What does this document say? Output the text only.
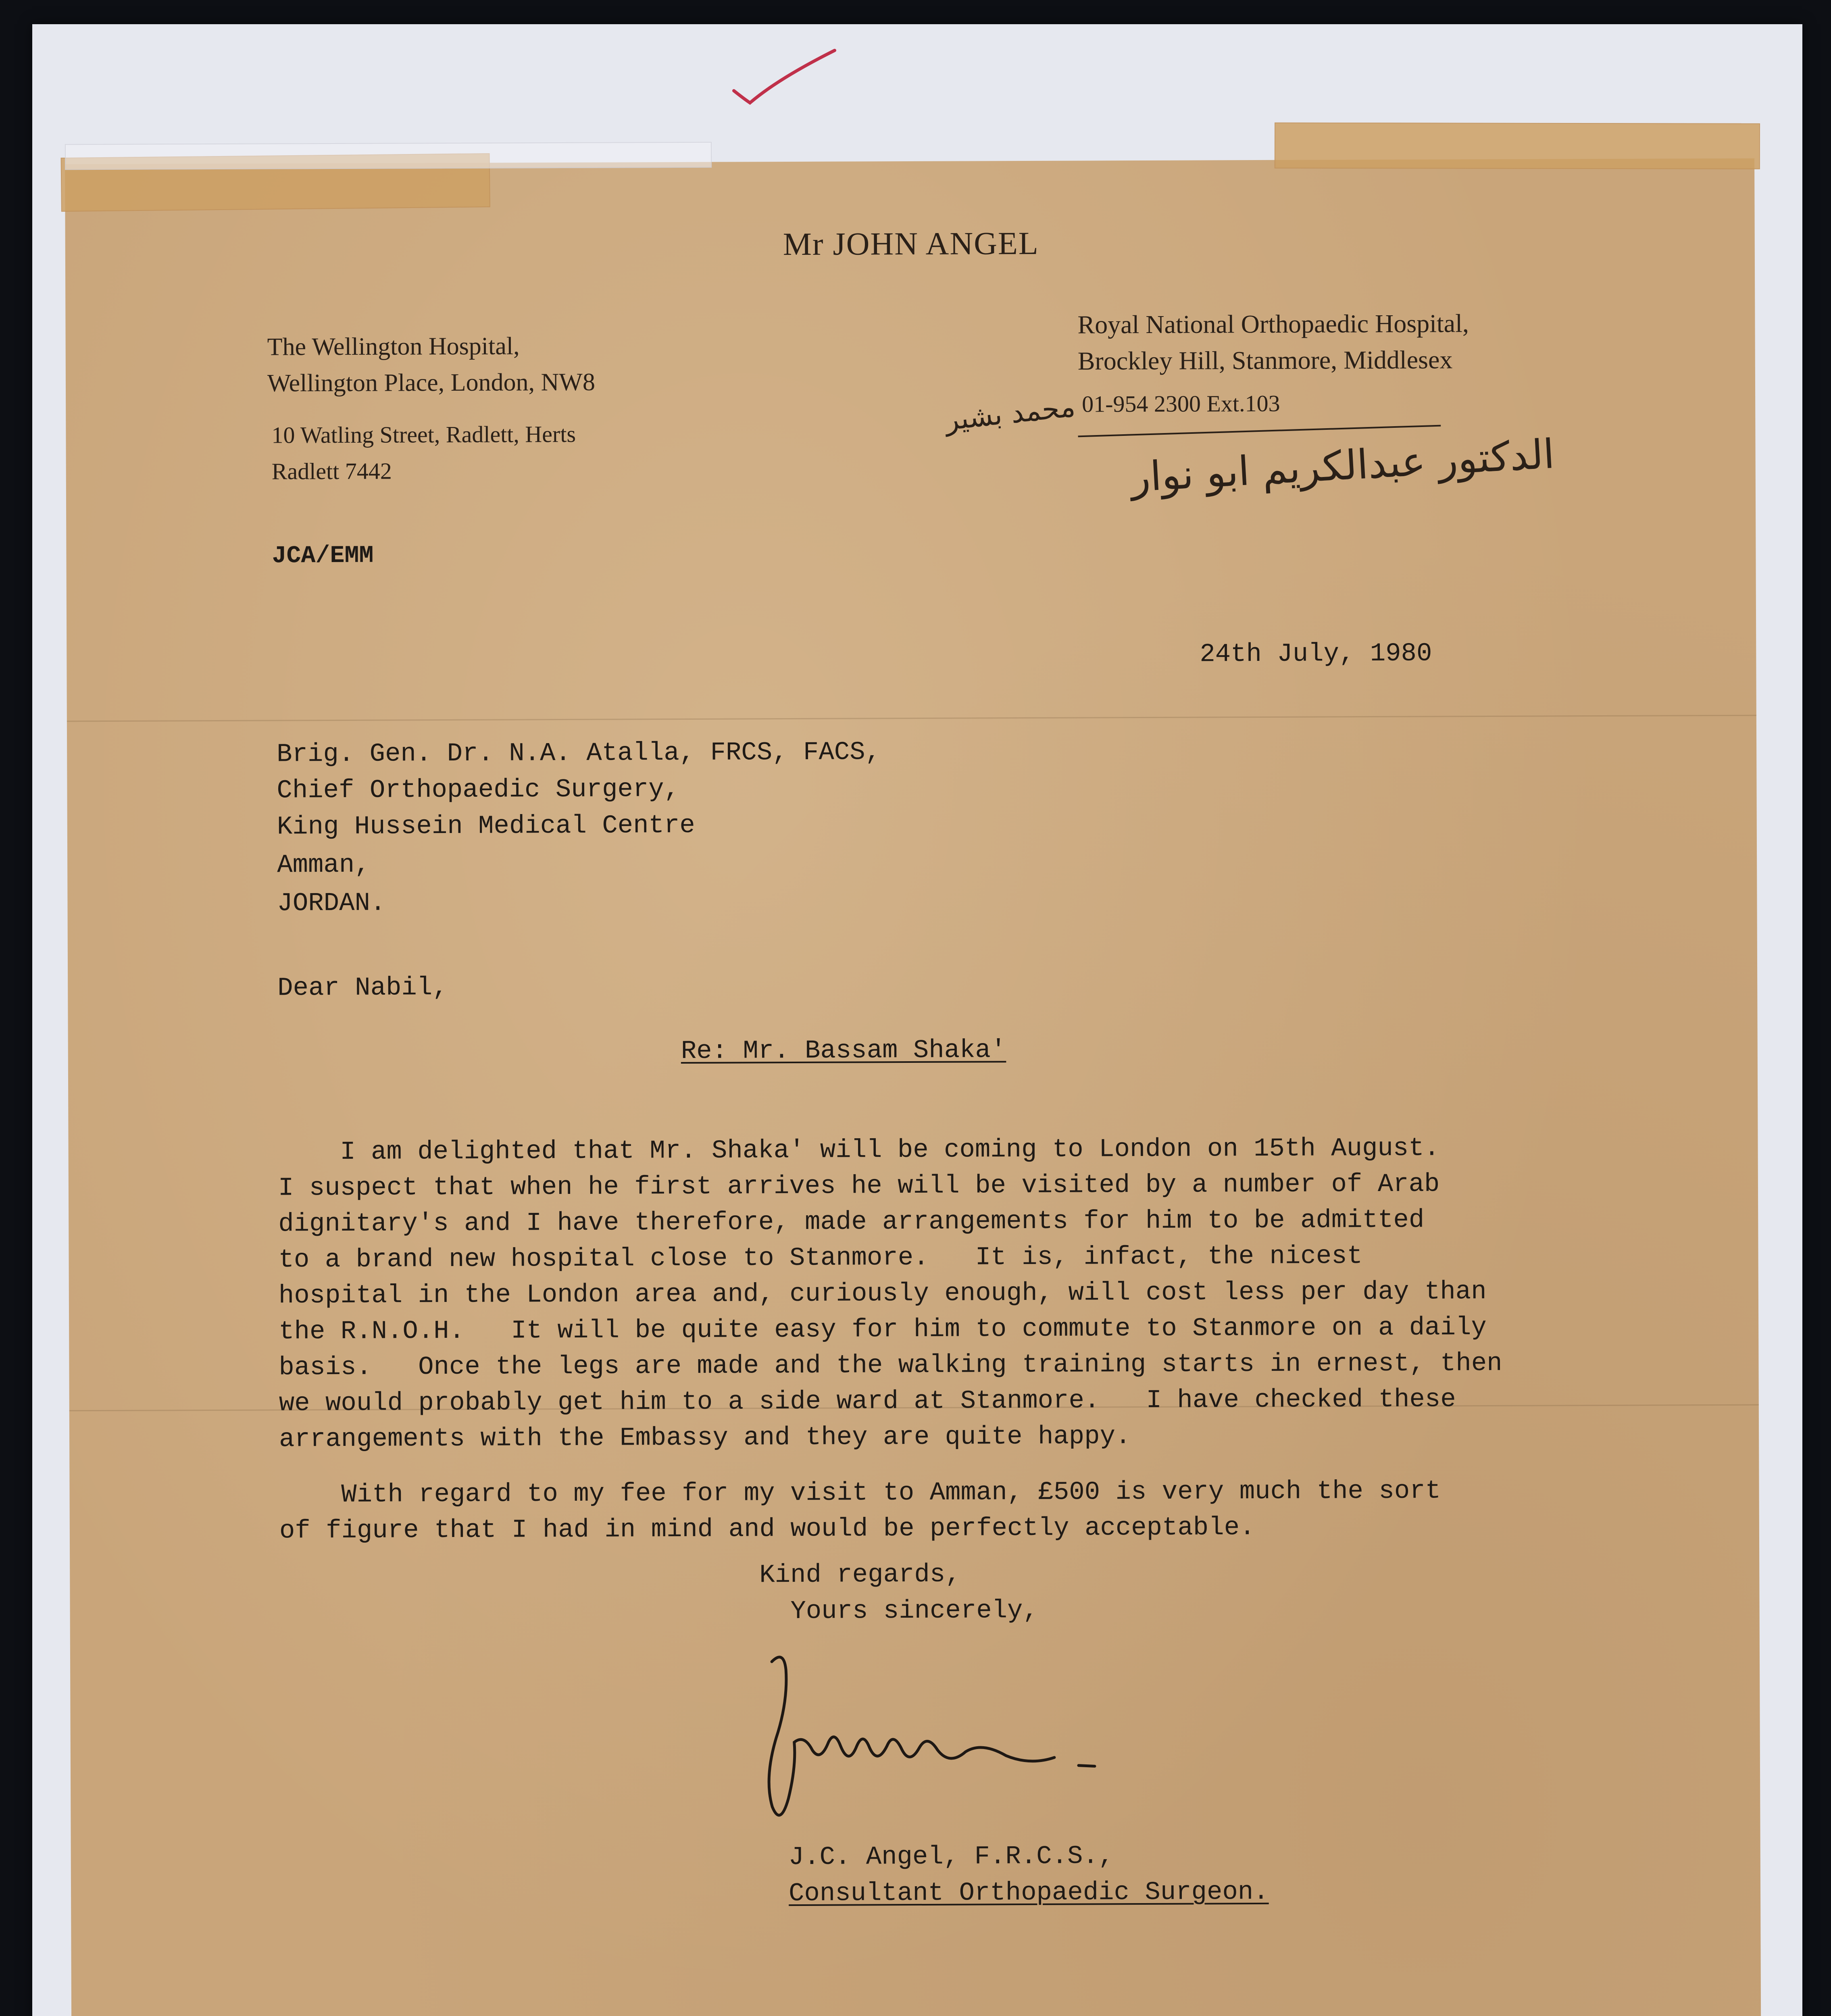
Mr JOHN ANGEL
The Wellington Hospital,
Wellington Place, London, NW8
10 Watling Street, Radlett, Herts
Radlett 7442
Royal National Orthopaedic Hospital,
Brockley Hill, Stanmore, Middlesex
01-954 2300 Ext.103
محمد بشير
الدكتور عبدالكريم ابو نوار
JCA/EMM
24th July, 1980
Brig. Gen. Dr. N.A. Atalla, FRCS, FACS,
Chief Orthopaedic Surgery,
King Hussein Medical Centre
Amman,
JORDAN.
Dear Nabil,
Re: Mr. Bassam Shaka'

I am delighted that Mr. Shaka' will be coming to London on 15th August.
I suspect that when he first arrives he will be visited by a number of Arab
dignitary's and I have therefore, made arrangements for him to be admitted
to a brand new hospital close to Stanmore.   It is, infact, the nicest
hospital in the London area and, curiously enough, will cost less per day than
the R.N.O.H.   It will be quite easy for him to commute to Stanmore on a daily
basis.   Once the legs are made and the walking training starts in ernest, then
we would probably get him to a side ward at Stanmore.   I have checked these
arrangements with the Embassy and they are quite happy.

With regard to my fee for my visit to Amman, £500 is very much the sort
of figure that I had in mind and would be perfectly acceptable.

Kind regards,
Yours sincerely,
J.C. Angel, F.R.C.S.,
Consultant Orthopaedic Surgeon.
